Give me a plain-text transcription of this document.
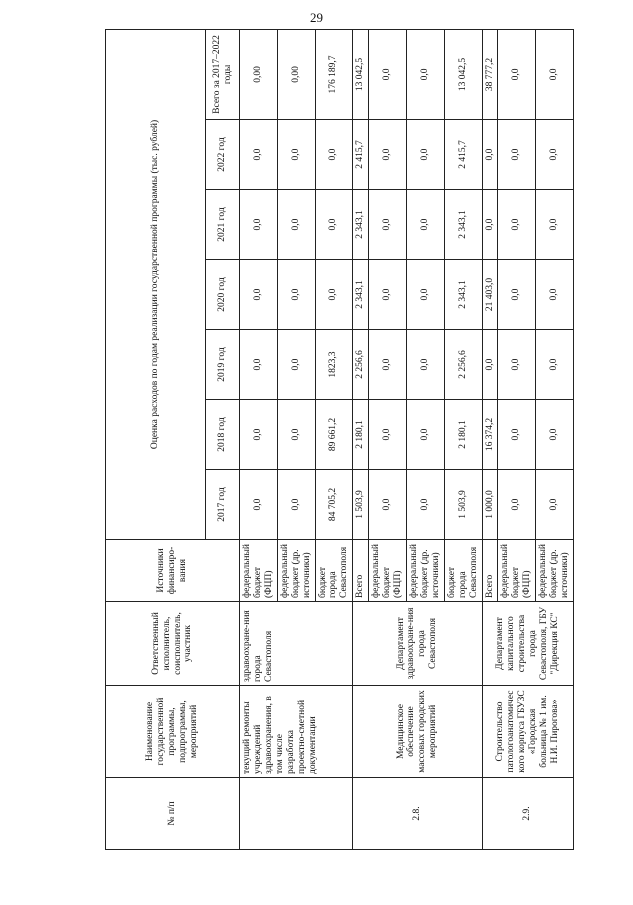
29
№ п/п	Наименование государственной программы, подпрограммы, мероприятий	Ответственный исполнитель, соисполнитель, участник	Источники финансиро-вания	Оценка расходов по годам реализации государственной программы (тыс. рублей)						
				2017 год	2018 год	2019 год	2020 год	2021 год	2022 год	Всего за 2017–2022 годы
	текущий ремонты учреждений здравоохранения, в том числе разработка проектно-сметной документации	здравоохране-ния города Севастополя	федеральный бюджет (ФЦП)	0,0	0,0	0,0	0,0	0,0	0,0	0,00
			федеральный бюджет (др. источники)	0,0	0,0	0,0	0,0	0,0	0,0	0,00
			бюджет города Севастополя	84 705,2	89 661,2	1823,3	0,0	0,0	0,0	176 189,7
2.8.	Медицинское обеспечение массовых городских мероприятий	Департамент здравоохране-ния города Севастополя	Всего	1 503,9	2 180,1	2 256,6	2 343,1	2 343,1	2 415,7	13 042,5
			федеральный бюджет (ФЦП)	0,0	0,0	0,0	0,0	0,0	0,0	0,0
			федеральный бюджет (др. источники)	0,0	0,0	0,0	0,0	0,0	0,0	0,0
			бюджет города Севастополя	1 503,9	2 180,1	2 256,6	2 343,1	2 343,1	2 415,7	13 042,5
2.9.	Строительство патологоанатомичес кого корпуса ГБУЗС «Городская больница № 1 им. Н.И. Пирогова»	Департамент капитального строительства города Севастополя, ГБУ "Дирекция КС"	Всего	1 000,0	16 374,2	0,0	21 403,0	0,0	0,0	38 777,2
			федеральный бюджет (ФЦП)	0,0	0,0	0,0	0,0	0,0	0,0	0,0
			федеральный бюджет (др. источники)	0,0	0,0	0,0	0,0	0,0	0,0	0,0
